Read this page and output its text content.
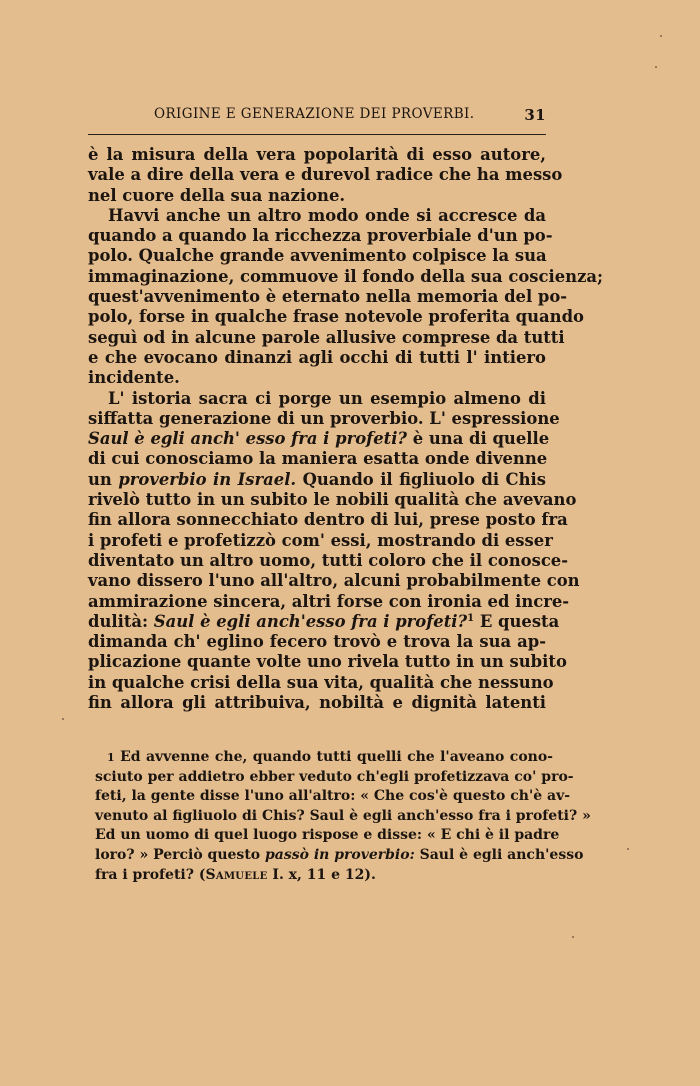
ORIGINE E GENERAZIONE DEI PROVERBI.	31
è la misura della vera popolarità di esso autore,
vale a dire della vera e durevol radice che ha messo
nel cuore della sua nazione.
Havvi anche un altro modo onde si accresce da
quando a quando la ricchezza proverbiale d'un po-
polo. Qualche grande avvenimento colpisce la sua
immaginazione, commuove il fondo della sua coscienza;
quest'avvenimento è eternato nella memoria del po-
polo, forse in qualche frase notevole proferita quando
seguì od in alcune parole allusive comprese da tutti
e che evocano dinanzi agli occhi di tutti l' intiero
incidente.
L' istoria sacra ci porge un esempio almeno di
siffatta generazione di un proverbio. L' espressione
Saul è egli anch' esso fra i profeti? è una di quelle
di cui conosciamo la maniera esatta onde divenne
un proverbio in Israel. Quando il figliuolo di Chis
rivelò tutto in un subito le nobili qualità che avevano
fin allora sonnecchiato dentro di lui, prese posto fra
i profeti e profetizzò com' essi, mostrando di esser
diventato un altro uomo, tutti coloro che il conosce-
vano dissero l'uno all'altro, alcuni probabilmente con
ammirazione sincera, altri forse con ironia ed incre-
dulità: Saul è egli anch'esso fra i profeti?$^1$ E questa
dimanda ch' eglino fecero trovò e trova la sua ap-
plicazione quante volte uno rivela tutto in un subito
in qualche crisi della sua vita, qualità che nessuno
fin allora gli attribuiva, nobiltà e dignità latenti
1 Ed avvenne che, quando tutti quelli che l'aveano cono-
sciuto per addietro ebber veduto ch'egli profetizzava co' pro-
feti, la gente disse l'uno all'altro: « Che cos'è questo ch'è av-
venuto al figliuolo di Chis? Saul è egli anch'esso fra i profeti? »
Ed un uomo di quel luogo rispose e disse: « E chi è il padre
loro? » Perciò questo passò in proverbio: Saul è egli anch'esso
fra i profeti? (Samuele I. x, 11 e 12).
